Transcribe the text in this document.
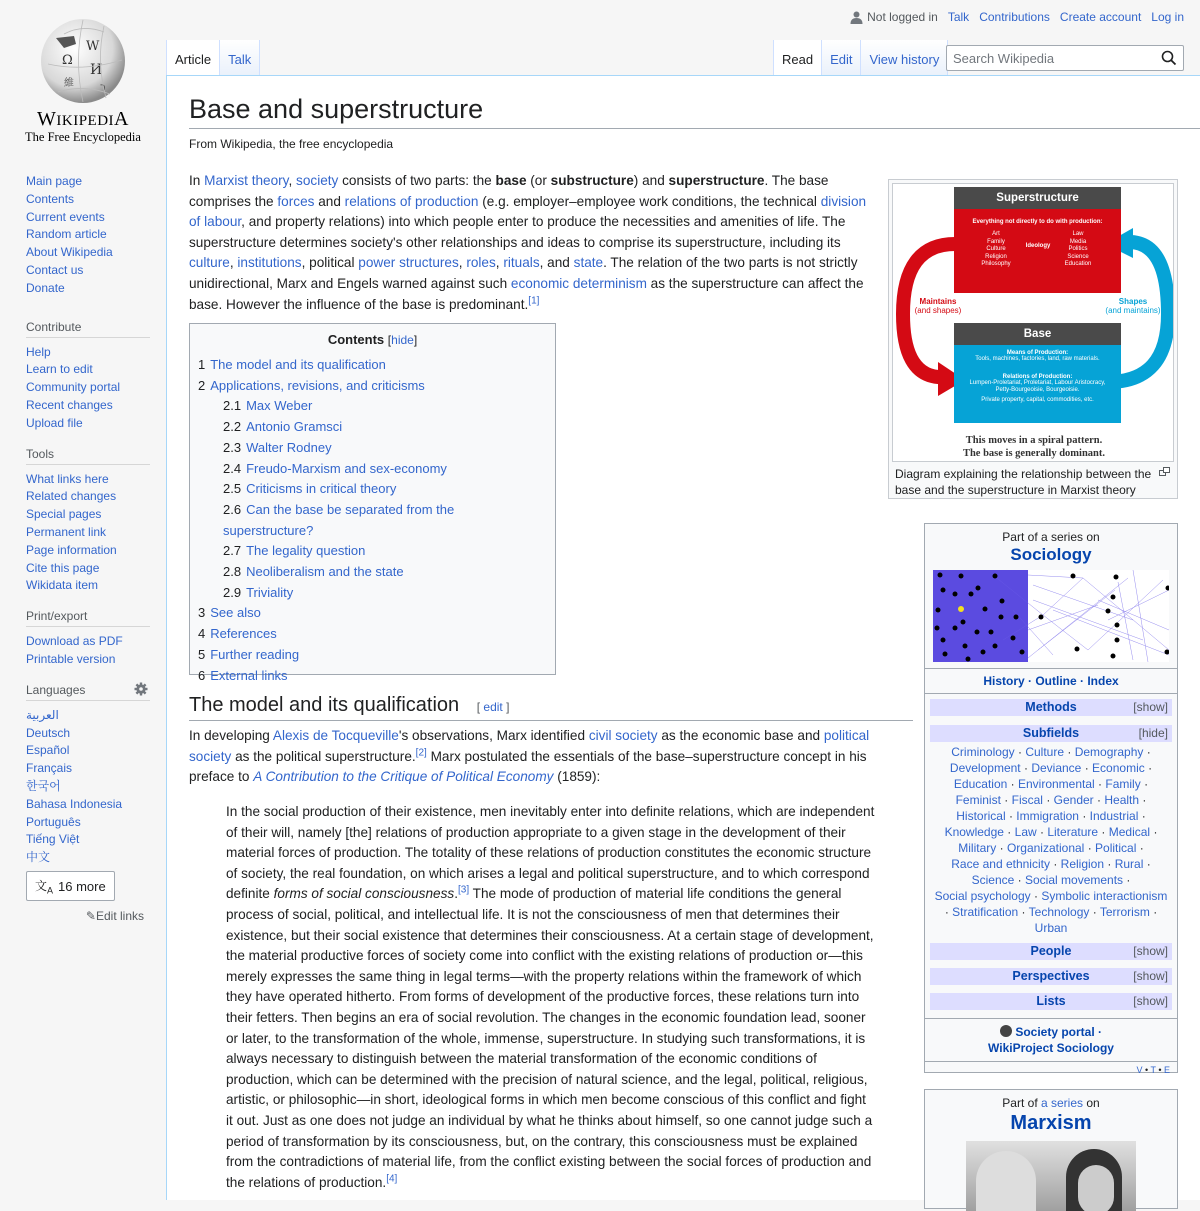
Ω
W
И
維	ר
WIKIPEDIA
The Free Encyclopedia
Not logged in Talk Contributions Create account Log in
Article	Talk	Read	Edit	View history	Search Wikipedia
Main page
Contents
Current events
Random article
About Wikipedia
Contact us
Donate
Contribute
Help
Learn to edit
Community portal
Recent changes
Upload file
Tools
What links here
Related changes
Special pages
Permanent link
Page information
Cite this page
Wikidata item
Print/export
Download as PDF
Printable version
Languages
العربية
Deutsch
Español
Français
한국어
Bahasa Indonesia
Português
Tiếng Việt
中文
文$_A$ 16 more
✎Edit links
Base and superstructure
From Wikipedia, the free encyclopedia

In Marxist theory, society consists of two parts: the base (or substructure) and superstructure. The base comprises the forces and relations of production (e.g. employer–employee work conditions, the technical division of labour, and property relations) into which people enter to produce the necessities and amenities of life. The superstructure determines society's other relationships and ideas to comprise its superstructure, including its culture, institutions, political power structures, roles, rituals, and state. The relation of the two parts is not strictly unidirectional, Marx and Engels warned against such economic determinism as the superstructure can affect the base. However the influence of the base is predominant.[1]

Superstructure
Everything not directly to do with production:
Art
Family
Culture
Religion
Philosophy
Ideology
Law
Media
Politics
Science
Education
Maintains
(and shapes)
Shapes
(and maintains)
Base
Means of Production:
Tools, machines, factories, land, raw materials.
Relations of Production:
Lumpen-Proletariat, Proletariat, Labour Aristocracy,
Petty-Bourgeoisie, Bourgeoisie.
Private property, capital, commodities, etc.
This moves in a spiral pattern.
The base is generally dominant.
Diagram explaining the relationship between the base and the superstructure in Marxist theory
Contents [hide]
1 The model and its qualification
2 Applications, revisions, and criticisms
2.1 Max Weber
2.2 Antonio Gramsci
2.3 Walter Rodney
2.4 Freudo-Marxism and sex-economy
2.5 Criticisms in critical theory
2.6 Can the base be separated from the superstructure?
2.7 The legality question
2.8 Neoliberalism and the state
2.9 Triviality
3 See also
4 References
5 Further reading
6 External links
The model and its qualification [ edit ]

In developing Alexis de Tocqueville's observations, Marx identified civil society as the economic base and political society as the political superstructure.[2] Marx postulated the essentials of the base–superstructure concept in his preface to A Contribution to the Critique of Political Economy (1859):

In the social production of their existence, men inevitably enter into definite relations, which are independent of their will, namely [the] relations of production appropriate to a given stage in the development of their material forces of production. The totality of these relations of production constitutes the economic structure of society, the real foundation, on which arises a legal and political superstructure, and to which correspond definite forms of social consciousness.[3] The mode of production of material life conditions the general process of social, political, and intellectual life. It is not the consciousness of men that determines their existence, but their social existence that determines their consciousness. At a certain stage of development, the material productive forces of society come into conflict with the existing relations of production or—this merely expresses the same thing in legal terms—with the property relations within the framework of which they have operated hitherto. From forms of development of the productive forces, these relations turn into their fetters. Then begins an era of social revolution. The changes in the economic foundation lead, sooner or later, to the transformation of the whole, immense, superstructure. In studying such transformations, it is always necessary to distinguish between the material transformation of the economic conditions of production, which can be determined with the precision of natural science, and the legal, political, religious, artistic, or philosophic—in short, ideological forms in which men become conscious of this conflict and fight it out. Just as one does not judge an individual by what he thinks about himself, so one cannot judge such a period of transformation by its consciousness, but, on the contrary, this consciousness must be explained from the contradictions of material life, from the conflict existing between the social forces of production and the relations of production.[4]
Part of a series on
Sociology
History · Outline · Index
Methods	[show]
Subfields	[hide]
Criminology · Culture · Demography ·
Development · Deviance · Economic ·
Education · Environmental · Family ·
Feminist · Fiscal · Gender · Health ·
Historical · Immigration · Industrial ·
Knowledge · Law · Literature · Medical ·
Military · Organizational · Political ·
Race and ethnicity · Religion · Rural ·
Science · Social movements ·
Social psychology · Symbolic interactionism
· Stratification · Technology · Terrorism ·
Urban
People	[show]
Perspectives	[show]
Lists	[show]
Society portal ·
WikiProject Sociology
V • T • E
Part of a series on
Marxism
